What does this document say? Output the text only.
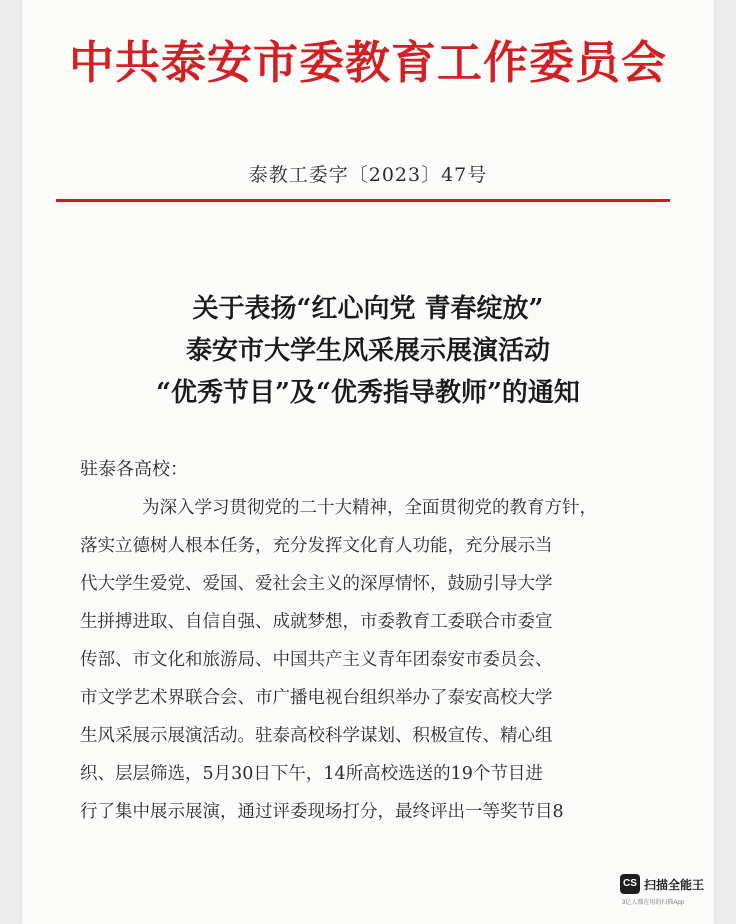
中共泰安市委教育工作委员会
泰教工委字〔2023〕47号
关于表扬“红心向党 青春绽放”
泰安市大学生风采展示展演活动
“优秀节目”及“优秀指导教师”的通知
驻泰各高校：
为深入学习贯彻党的二十大精神，全面贯彻党的教育方针，
落实立德树人根本任务，充分发挥文化育人功能，充分展示当
代大学生爱党、爱国、爱社会主义的深厚情怀，鼓励引导大学
生拼搏进取、自信自强、成就梦想，市委教育工委联合市委宣
传部、市文化和旅游局、中国共产主义青年团泰安市委员会、
市文学艺术界联合会、市广播电视台组织举办了泰安高校大学
生风采展示展演活动。驻泰高校科学谋划、积极宣传、精心组
织、层层筛选，5月30日下午，14所高校选送的19个节目进
行了集中展示展演，通过评委现场打分，最终评出一等奖节目8
CS 扫描全能王
3亿人都在用的扫描App
